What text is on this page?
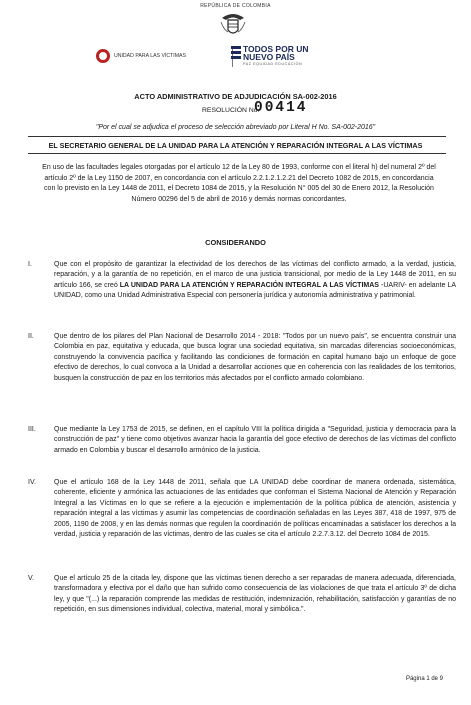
REPÚBLICA DE COLOMBIA
UNIDAD PARA LAS VÍCTIMAS
TODOS POR UN
NUEVO PAÍS
PAZ EQUIDAD EDUCACIÓN
ACTO ADMINISTRATIVO DE ADJUDICACIÓN SA-002-2016
RESOLUCIÓN No.
00414
"Por el cual se adjudica el proceso de selección abreviado por Literal H No. SA-002-2016"
EL SECRETARIO GENERAL DE LA UNIDAD PARA LA ATENCIÓN Y REPARACIÓN INTEGRAL A LAS VÍCTIMAS
En uso de las facultades legales otorgadas por el artículo 12 de la Ley 80 de 1993, conforme con el literal h) del numeral 2º del artículo 2º de la Ley 1150 de 2007, en concordancia con el artículo 2.2.1.2.1.2.21 del Decreto 1082 de 2015, en concordancia con lo previsto en la Ley 1448 de 2011, el Decreto 1084 de 2015, y la Resolución N° 005 del 30 de Enero 2012, la Resolución Número 00296 del 5 de abril de 2016 y demás normas concordantes.
CONSIDERANDO
I.	Que con el propósito de garantizar la efectividad de los derechos de las víctimas del conflicto armado, a la verdad, justicia, reparación, y a la garantía de no repetición, en el marco de una justicia transicional, por medio de la Ley 1448 de 2011, en su artículo 166, se creó LA UNIDAD PARA LA ATENCIÓN Y REPARACIÓN INTEGRAL A LAS VÍCTIMAS -UARIV- en adelante LA UNIDAD, como una Unidad Administrativa Especial con personería jurídica y autonomía administrativa y patrimonial.
II.	Que dentro de los pilares del Plan Nacional de Desarrollo 2014 - 2018: "Todos por un nuevo país", se encuentra construir una Colombia en paz, equitativa y educada, que busca lograr una sociedad equitativa, sin marcadas diferencias socioeconómicas, construyendo la convivencia pacífica y facilitando las condiciones de formación en capital humano bajo un enfoque de goce efectivo de derechos, lo cual convoca a la Unidad a desarrollar acciones que en coherencia con las realidades de los territorios, busquen la construcción de paz en los territorios más afectados por el conflicto armado colombiano.
III.	Que mediante la Ley 1753 de 2015, se definen, en el capítulo VIII la política dirigida a "Seguridad, justicia y democracia para la construcción de paz" y tiene como objetivos avanzar hacia la garantía del goce efectivo de derechos de las víctimas del conflicto armado en Colombia y buscar el desarrollo armónico de la justicia.
IV.	Que el artículo 168 de la Ley 1448 de 2011, señala que LA UNIDAD debe coordinar de manera ordenada, sistemática, coherente, eficiente y armónica las actuaciones de las entidades que conforman el Sistema Nacional de Atención y Reparación Integral a las Víctimas en lo que se refiere a la ejecución e implementación de la política pública de atención, asistencia y reparación integral a las víctimas y asumir las competencias de coordinación señaladas en las Leyes 387, 418 de 1997, 975 de 2005, 1190 de 2008, y en las demás normas que regulen la coordinación de políticas encaminadas a satisfacer los derechos a la verdad, justicia y reparación de las víctimas, dentro de las cuales se cita el artículo 2.2.7.3.12. del Decreto 1084 de 2015.
V.	Que el artículo 25 de la citada ley, dispone que las víctimas tienen derecho a ser reparadas de manera adecuada, diferenciada, transformadora y efectiva por el daño que han sufrido como consecuencia de las violaciones de que trata el artículo 3º de dicha ley, y que "(...) la reparación comprende las medidas de restitución, indemnización, rehabilitación, satisfacción y garantías de no repetición, en sus dimensiones individual, colectiva, material, moral y simbólica.".
Página 1 de 9
